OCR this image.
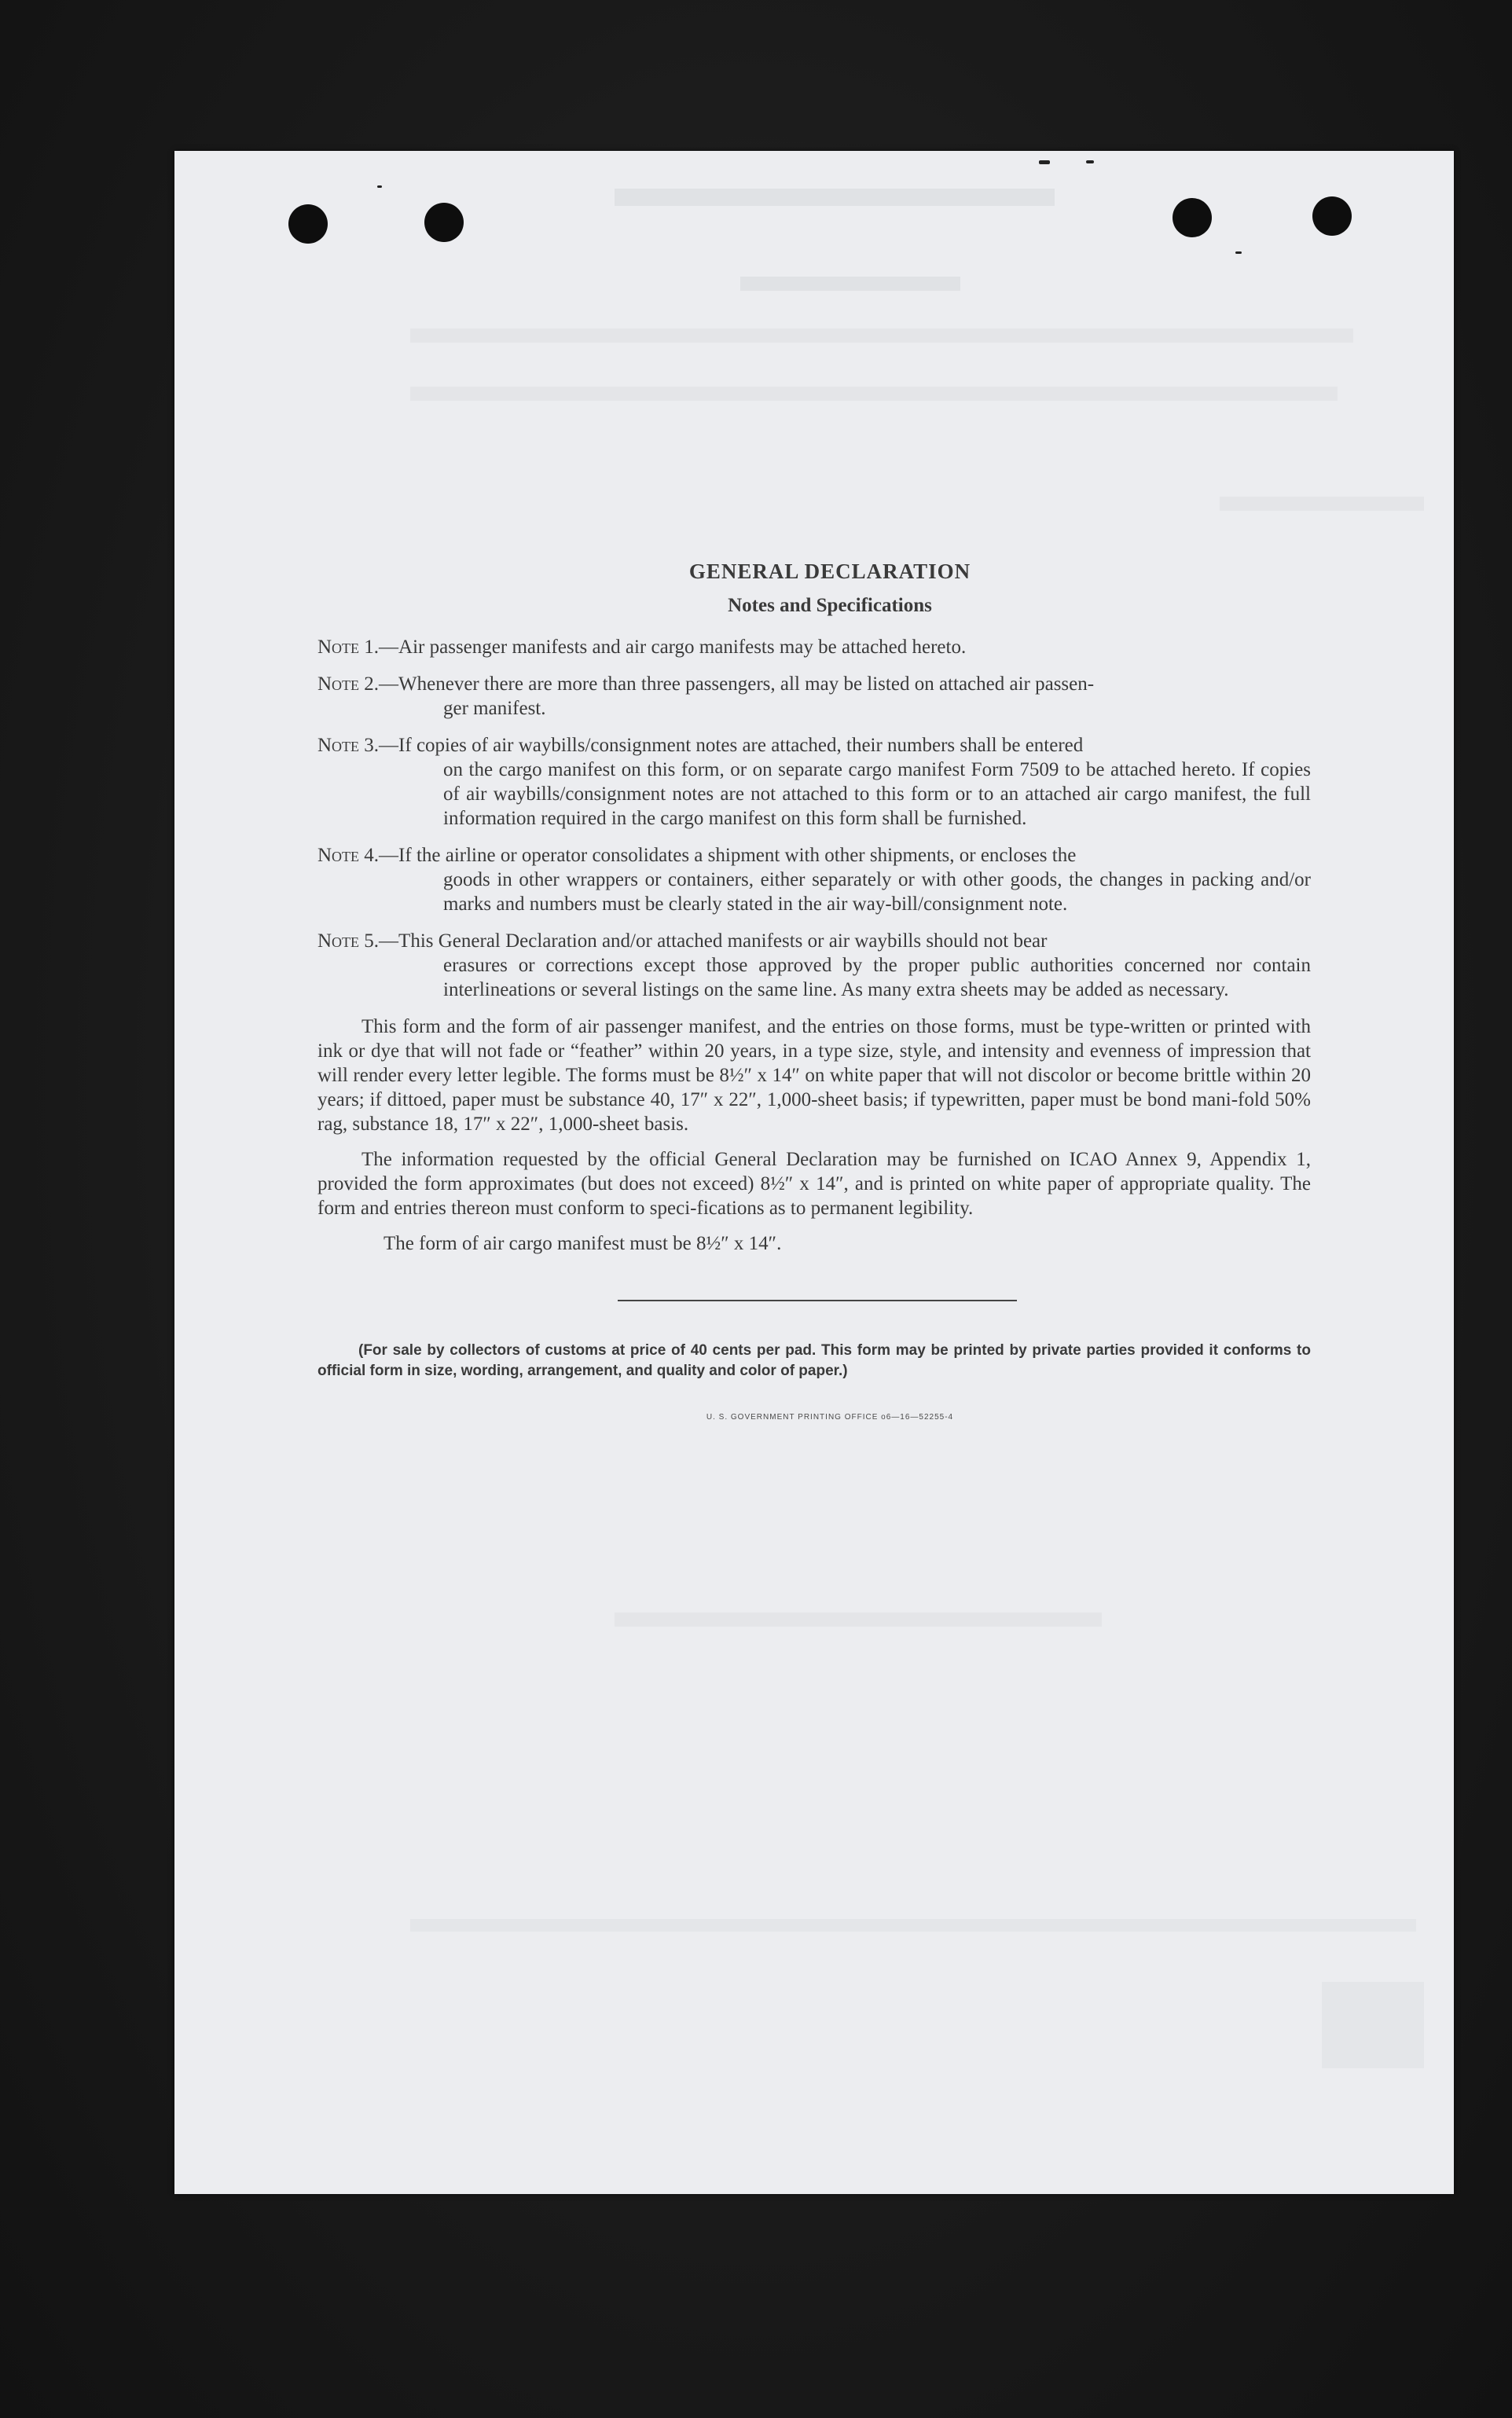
GENERAL DECLARATION
Notes and Specifications
Note 1.—Air passenger manifests and air cargo manifests may be attached hereto.
Note 2.—Whenever there are more than three passengers, all may be listed on attached air passen-
ger manifest.
Note 3.—If copies of air waybills/consignment notes are attached, their numbers shall be entered
on the cargo manifest on this form, or on separate cargo manifest Form 7509 to be attached hereto. If copies of air waybills/consignment notes are not attached to this form or to an attached air cargo manifest, the full information required in the cargo manifest on this form shall be furnished.
Note 4.—If the airline or operator consolidates a shipment with other shipments, or encloses the
goods in other wrappers or containers, either separately or with other goods, the changes in packing and/or marks and numbers must be clearly stated in the air way-bill/consignment note.
Note 5.—This General Declaration and/or attached manifests or air waybills should not bear
erasures or corrections except those approved by the proper public authorities concerned nor contain interlineations or several listings on the same line. As many extra sheets may be added as necessary.

This form and the form of air passenger manifest, and the entries on those forms, must be type-written or printed with ink or dye that will not fade or “feather” within 20 years, in a type size, style, and intensity and evenness of impression that will render every letter legible. The forms must be 8½″ x 14″ on white paper that will not discolor or become brittle within 20 years; if dittoed, paper must be substance 40, 17″ x 22″, 1,000-sheet basis; if typewritten, paper must be bond mani-fold 50% rag, substance 18, 17″ x 22″, 1,000-sheet basis.

The information requested by the official General Declaration may be furnished on ICAO Annex 9, Appendix 1, provided the form approximates (but does not exceed) 8½″ x 14″, and is printed on white paper of appropriate quality. The form and entries thereon must conform to speci-fications as to permanent legibility.

The form of air cargo manifest must be 8½″ x 14″.

(For sale by collectors of customs at price of 40 cents per pad. This form may be printed by private parties provided it conforms to official form in size, wording, arrangement, and quality and color of paper.)
U. S. GOVERNMENT PRINTING OFFICE o6—16—52255-4
